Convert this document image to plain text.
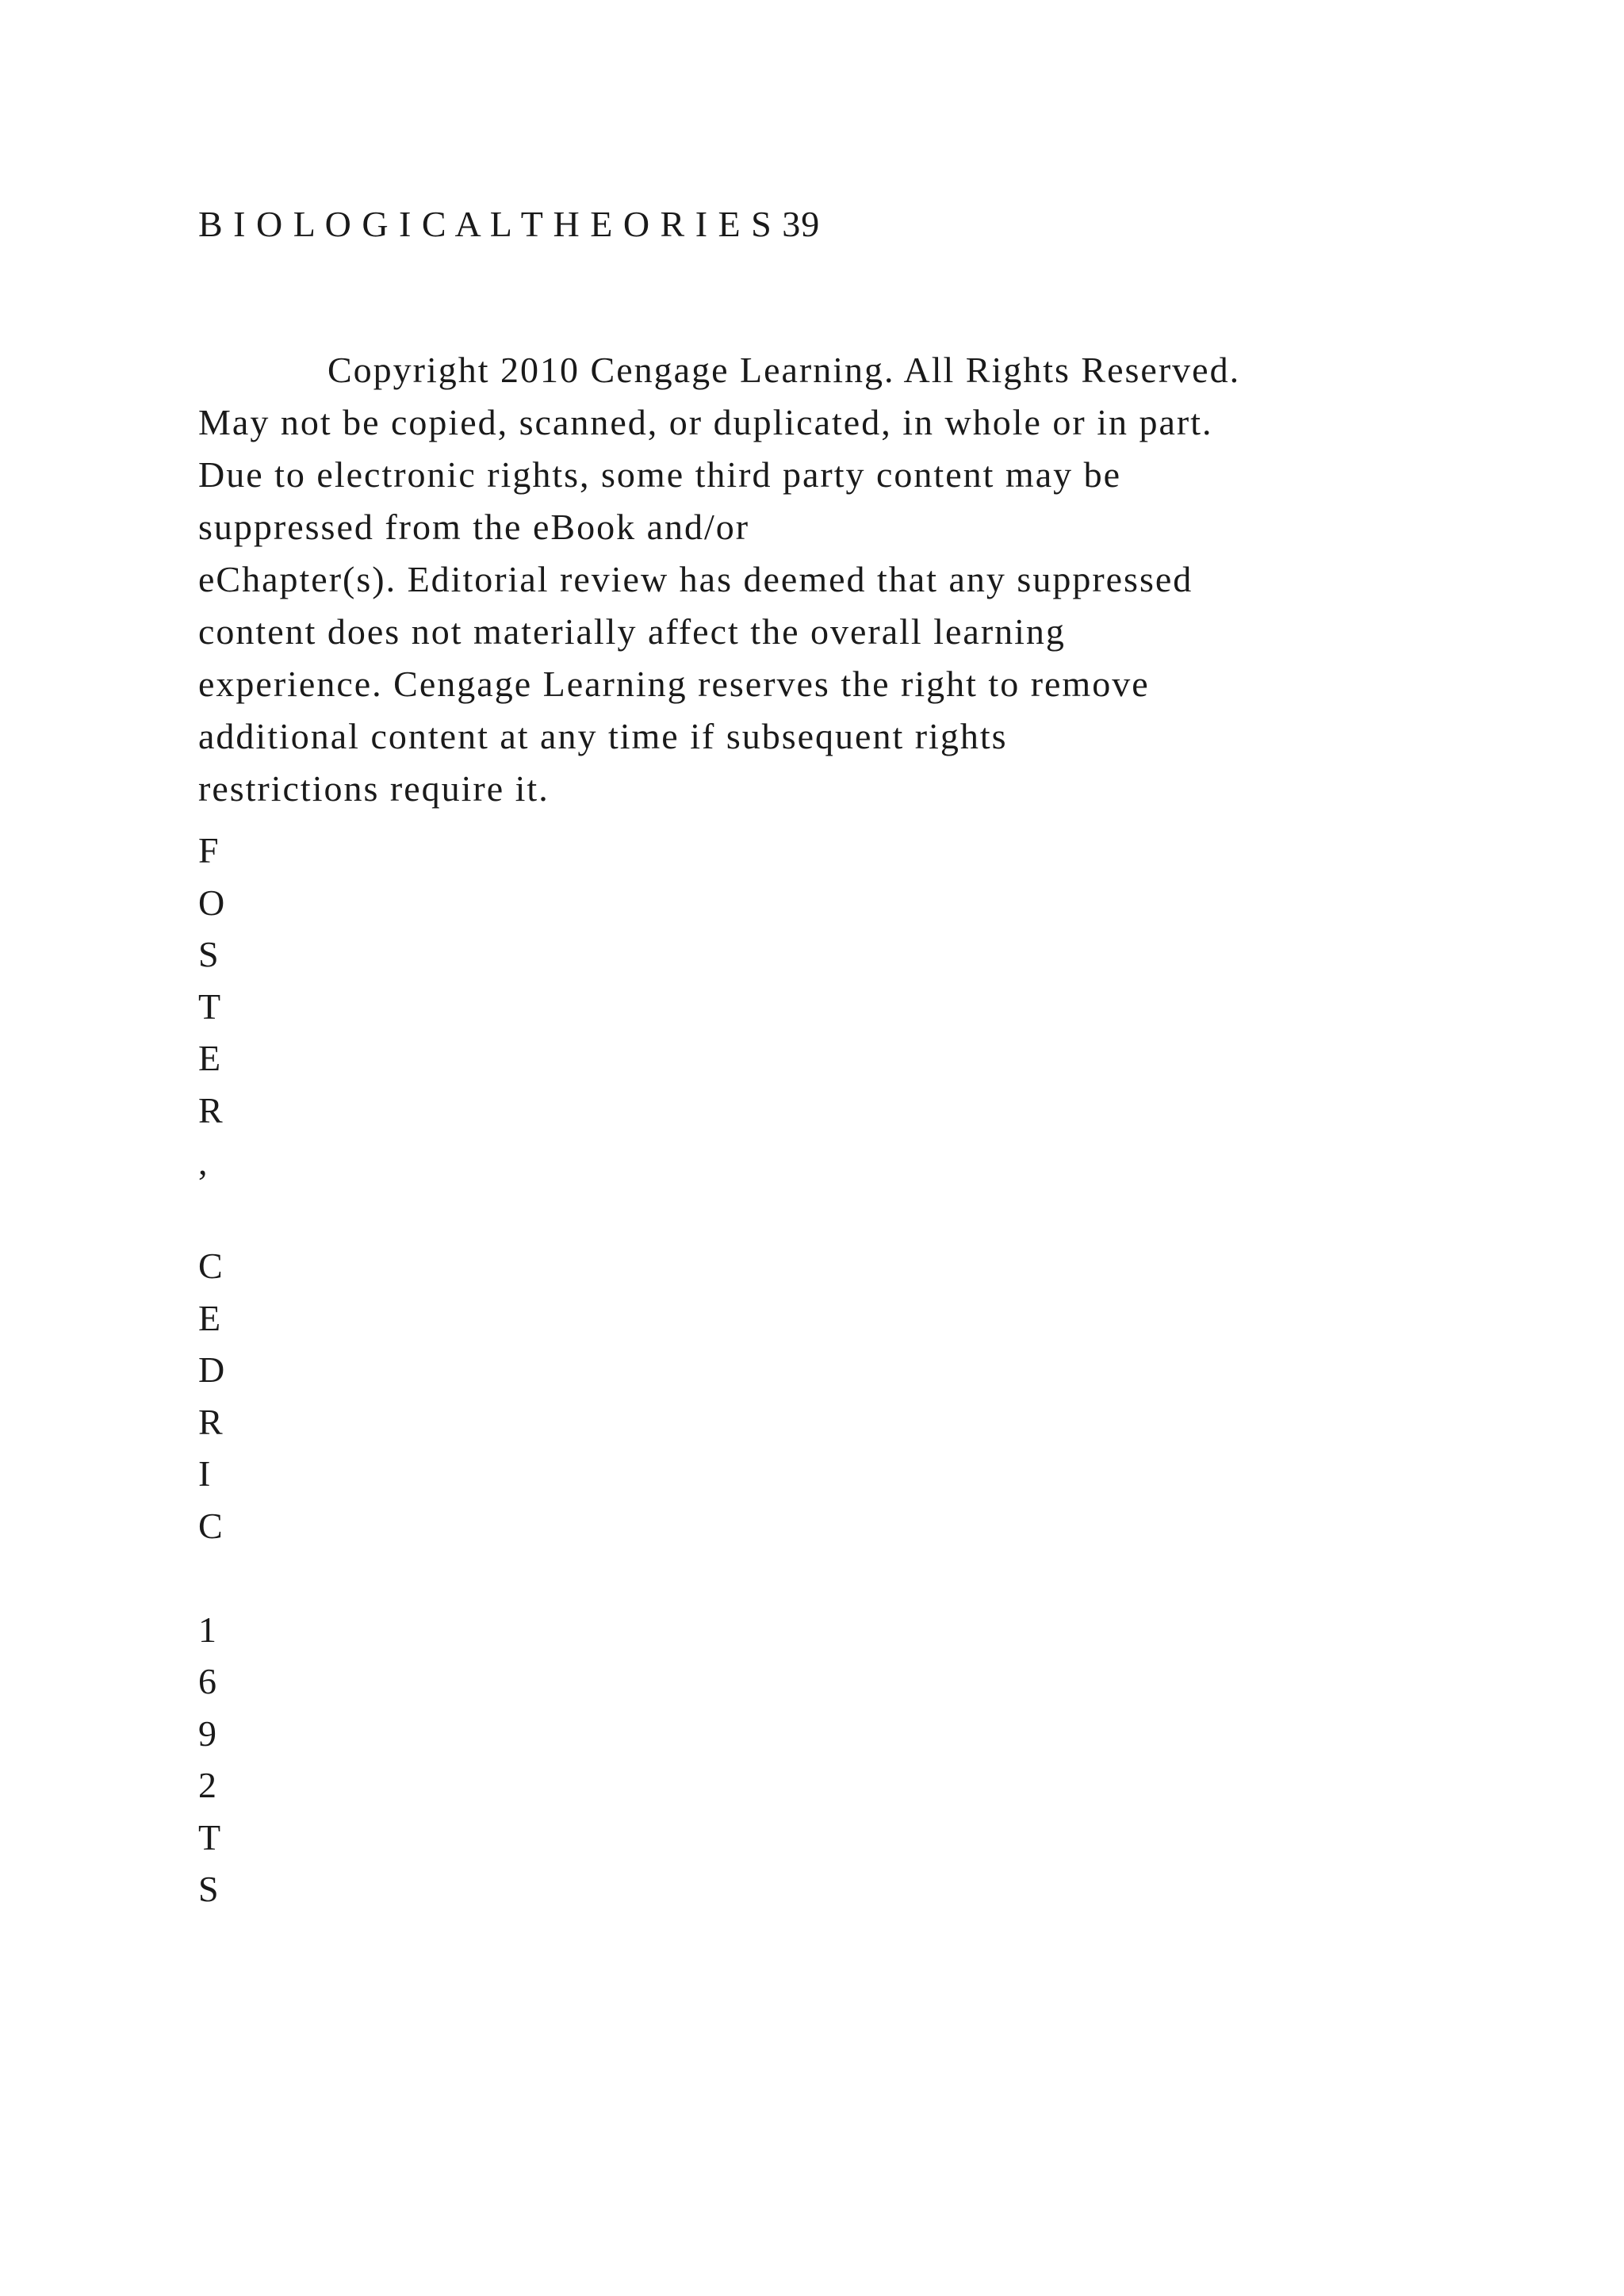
B I O L O G I C A L T H E O R I E S 39
Copyright 2010 Cengage Learning. All Rights Reserved.
May not be copied, scanned, or duplicated, in whole or in part.
Due to electronic rights, some third party content may be
suppressed from the eBook and/or
eChapter(s). Editorial review has deemed that any suppressed
content does not materially affect the overall learning
experience. Cengage Learning reserves the right to remove
additional content at any time if subsequent rights
restrictions require it.
F
O
S
T
E
R
,
C
E
D
R
I
C
1
6
9
2
T
S
